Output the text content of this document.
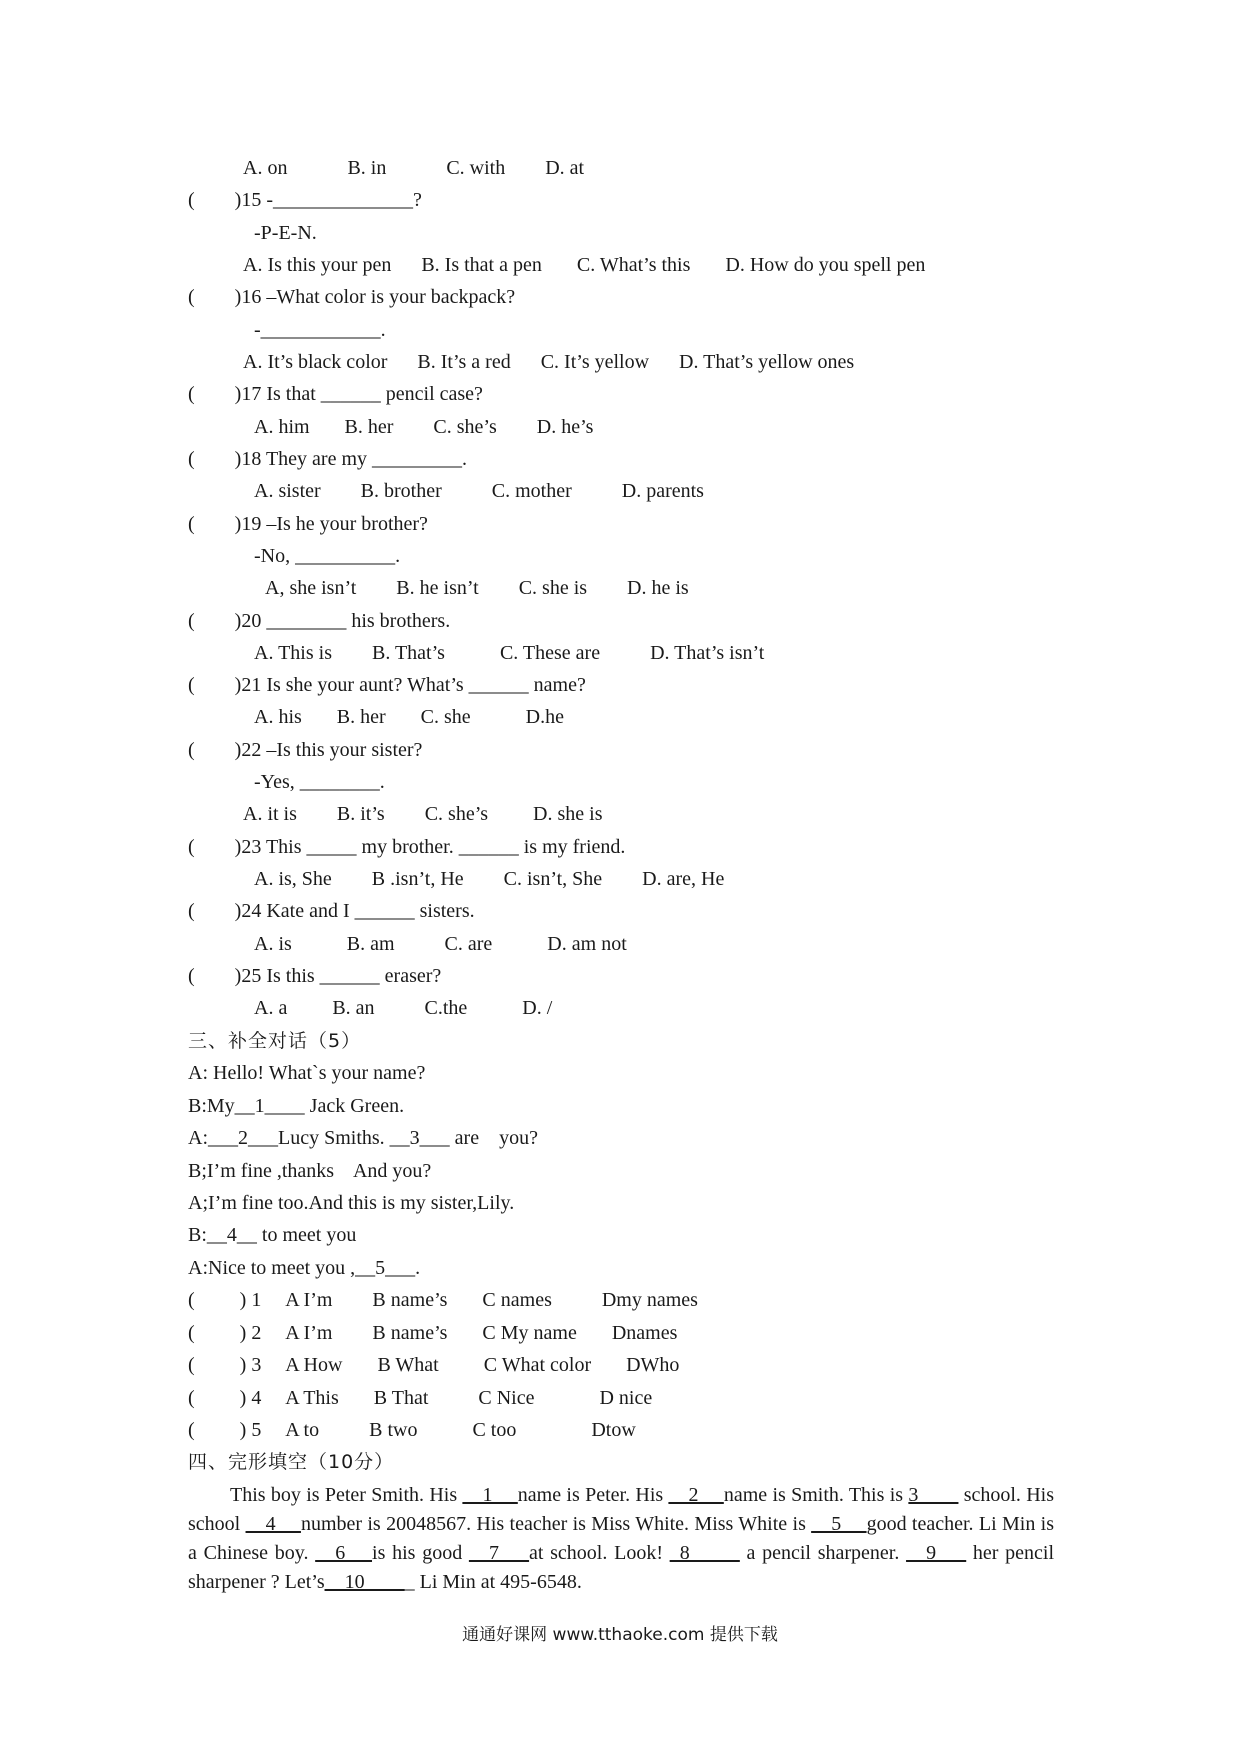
A. on            B. in            C. with        D. at
(        )15 -______________?
-P-E-N.
A. Is this your pen      B. Is that a pen       C. What’s this       D. How do you spell pen
(        )16 –What color is your backpack?
-____________.
A. It’s black color      B. It’s a red      C. It’s yellow      D. That’s yellow ones
(        )17 Is that ______ pencil case?
A. him       B. her        C. she’s        D. he’s
(        )18 They are my _________.
A. sister        B. brother          C. mother          D. parents
(        )19 –Is he your brother?
-No, __________.
A, she isn’t        B. he isn’t        C. she is        D. he is
(        )20 ________ his brothers.
A. This is        B. That’s           C. These are          D. That’s isn’t
(        )21 Is she your aunt? What’s ______ name?
A. his       B. her       C. she           D.he
(        )22 –Is this your sister?
-Yes, ________.
A. it is        B. it’s        C. she’s         D. she is
(        )23 This _____ my brother. ______ is my friend.
A. is, She        B .isn’t, He        C. isn’t, She        D. are, He
(        )24 Kate and I ______ sisters.
A. is           B. am          C. are           D. am not
(        )25 Is this ______ eraser?
A. a         B. an          C.the           D. /
三、补全对话（5）
A: Hello! What`s your name?
B:My__1____ Jack Green.
A:___2___Lucy Smiths. __3___ are    you?
B;I’m fine ,thanks    And you?
A;I’m fine too.And this is my sister,Lily.
B:__4__ to meet you
A:Nice to meet you ,__5___.
(         ) 1     A I’m        B name’s       C names          Dmy names
(         ) 2     A I’m        B name’s       C My name       Dnames
(         ) 3     A How       B What         C What color       DWho
(         ) 4     A This       B That          C Nice             D nice
(         ) 5     A to          B two           C too               Dtow
四、完形填空（10分）
This boy is Peter Smith. His __1__ name is Peter. His __2__ name is Smith. This is 3____ school. His school __4__ number is 20048567. His teacher is Miss White. Miss White is __5__ good teacher. Li Min is a Chinese boy. __6__ is his good __7___at school. Look! _8_____ a pencil sharpener. __9___ her pencil sharpener ? Let’s__10_____ Li Min at 495-6548.
通通好课网 www.tthaoke.com 提供下载
